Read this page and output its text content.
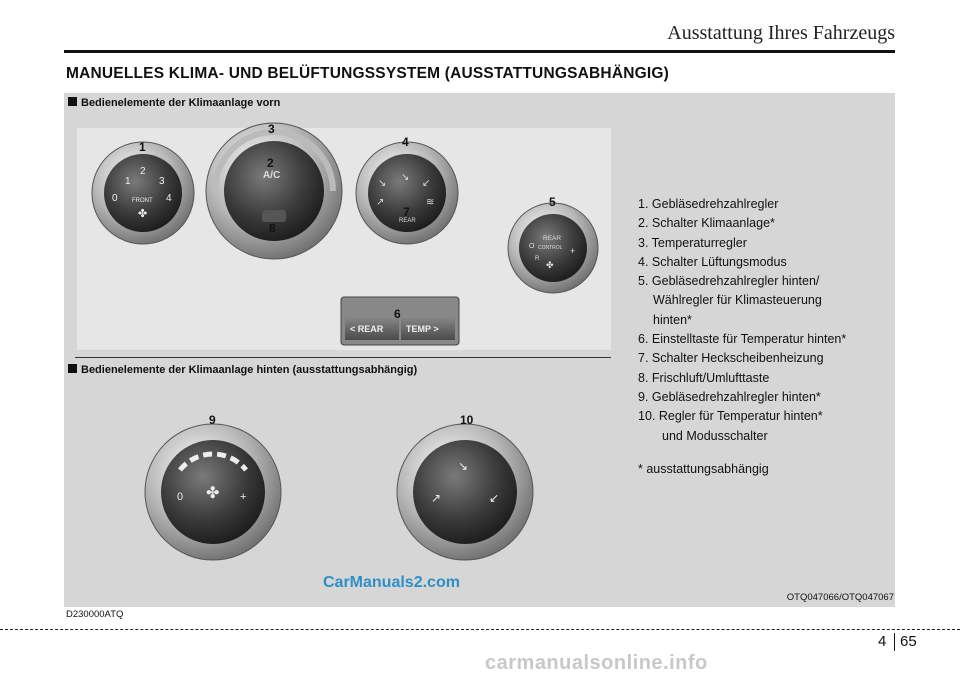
Ausstattung Ihres Fahrzeugs
MANUELLES KLIMA- UND BELÜFTUNGSSYSTEM (AUSSTATTUNGSABHÄNGIG)
Bedienelemente der Klimaanlage vorn
1
2
3
0	4
FRONT
✤
A/C
↘
↘
↙
↗	≋
REAR
REAR
CONTROL
O
R
+
✤
< REAR	TEMP >
0	+
✤
↘
↗	↙
1
2
3
4
5
6
7
8
9	10
Bedienelemente der Klimaanlage hinten (ausstattungsabhängig)
1. Gebläsedrehzahlregler
2. Schalter Klimaanlage*
3. Temperaturregler
4. Schalter Lüftungsmodus
5. Gebläsedrehzahlregler hinten/
Wählregler für Klimasteuerung
hinten*
6. Einstelltaste für Temperatur hinten*
7. Schalter Heckscheibenheizung
8. Frischluft/Umlufttaste
9. Gebläsedrehzahlregler hinten*
10. Regler für Temperatur hinten*
und Modusschalter
* ausstattungsabhängig
CarManuals2.com
OTQ047066/OTQ047067
D230000ATQ
4 65
carmanualsonline.info
